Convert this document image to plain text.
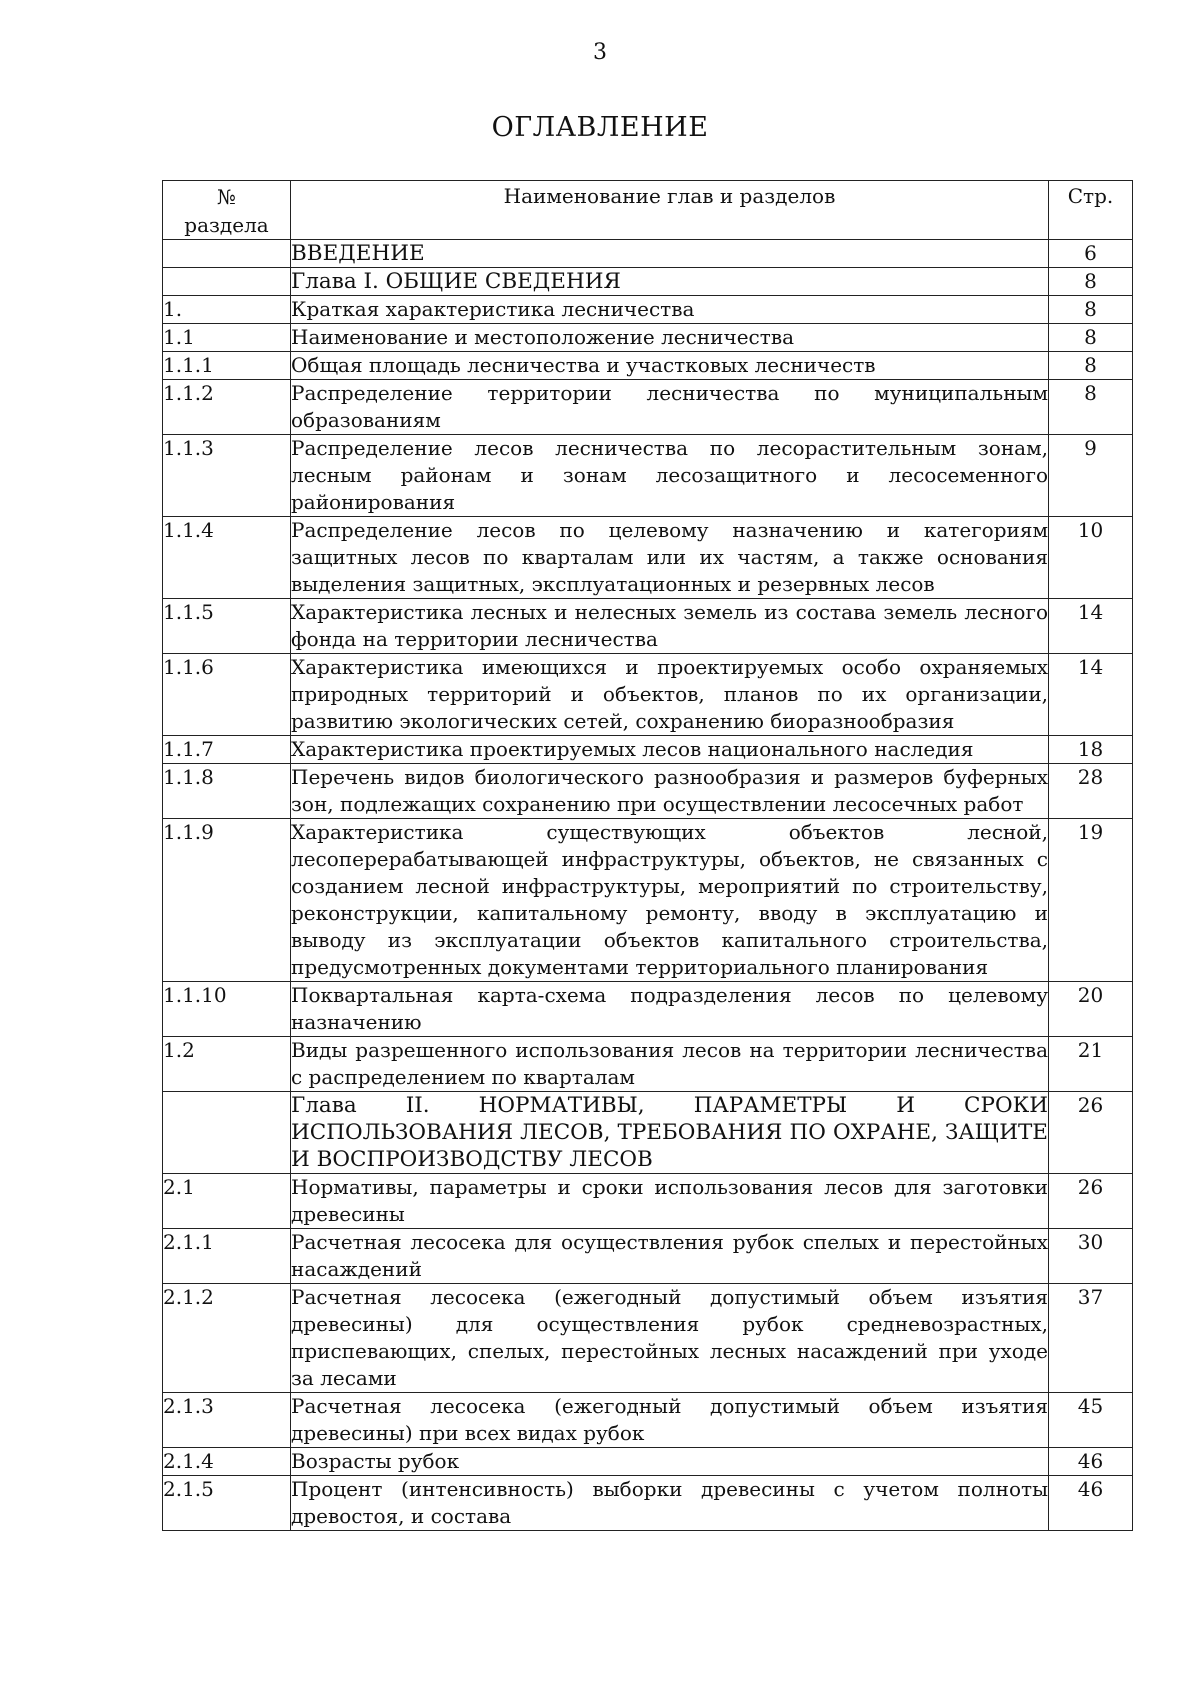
3
ОГЛАВЛЕНИЕ
№
раздела	Наименование глав и разделов	Стр.
	ВВЕДЕНИЕ	6
	Глава I. ОБЩИЕ СВЕДЕНИЯ	8
1.	Краткая характеристика лесничества	8
1.1	Наименование и местоположение лесничества	8
1.1.1	Общая площадь лесничества и участковых лесничеств	8
1.1.2	Распределение территории лесничества по муниципальным образованиям	8
1.1.3	Распределение лесов лесничества по лесорастительным зонам, лесным районам и зонам лесозащитного и лесосеменного районирования	9
1.1.4	Распределение лесов по целевому назначению и категориям защитных лесов по кварталам или их частям, а также основания выделения защитных, эксплуатационных и резервных лесов	10
1.1.5	Характеристика лесных и нелесных земель из состава земель лесного фонда на территории лесничества	14
1.1.6	Характеристика имеющихся и проектируемых особо охраняемых природных территорий и объектов, планов по их организации, развитию экологических сетей, сохранению биоразнообразия	14
1.1.7	Характеристика проектируемых лесов национального наследия	18
1.1.8	Перечень видов биологического разнообразия и размеров буферных зон, подлежащих сохранению при осуществлении лесосечных работ	28
1.1.9	Характеристика существующих объектов лесной, лесоперерабатывающей инфраструктуры, объектов, не связанных с созданием лесной инфраструктуры, мероприятий по строительству, реконструкции, капитальному ремонту, вводу в эксплуатацию и выводу из эксплуатации объектов капитального строительства, предусмотренных документами территориального планирования	19
1.1.10	Поквартальная карта-схема подразделения лесов по целевому назначению	20
1.2	Виды разрешенного использования лесов на территории лесничества с распределением по кварталам	21
	Глава II. НОРМАТИВЫ, ПАРАМЕТРЫ И СРОКИ ИСПОЛЬЗОВАНИЯ ЛЕСОВ, ТРЕБОВАНИЯ ПО ОХРАНЕ, ЗАЩИТЕ И ВОСПРОИЗВОДСТВУ ЛЕСОВ	26
2.1	Нормативы, параметры и сроки использования лесов для заготовки древесины	26
2.1.1	Расчетная лесосека для осуществления рубок спелых и перестойных насаждений	30
2.1.2	Расчетная лесосека (ежегодный допустимый объем изъятия древесины) для осуществления рубок средневозрастных, приспевающих, спелых, перестойных лесных насаждений при уходе за лесами	37
2.1.3	Расчетная лесосека (ежегодный допустимый объем изъятия древесины) при всех видах рубок	45
2.1.4	Возрасты рубок	46
2.1.5	Процент (интенсивность) выборки древесины с учетом полноты древостоя, и состава	46
